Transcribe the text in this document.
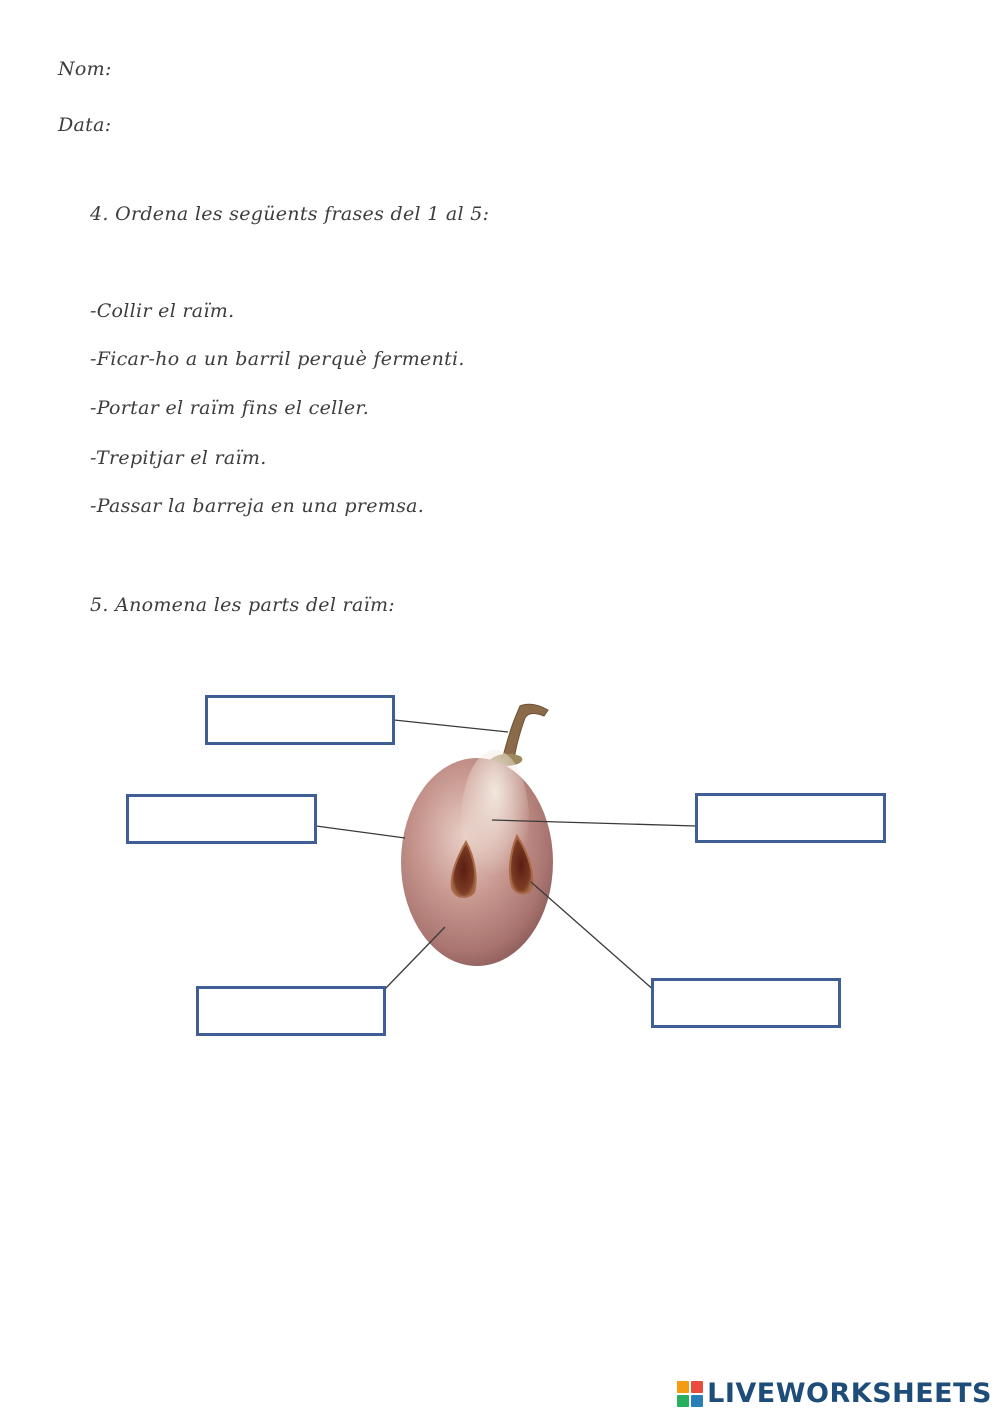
Nom:

Data:

4. Ordena les següents frases del 1 al 5:

-Collir el raïm.

-Ficar-ho a un barril perquè fermenti.

-Portar el raïm fins el celler.

-Trepitjar el raïm.

-Passar la barreja en una premsa.

5. Anomena les parts del raïm:

LIVEWORKSHEETS
